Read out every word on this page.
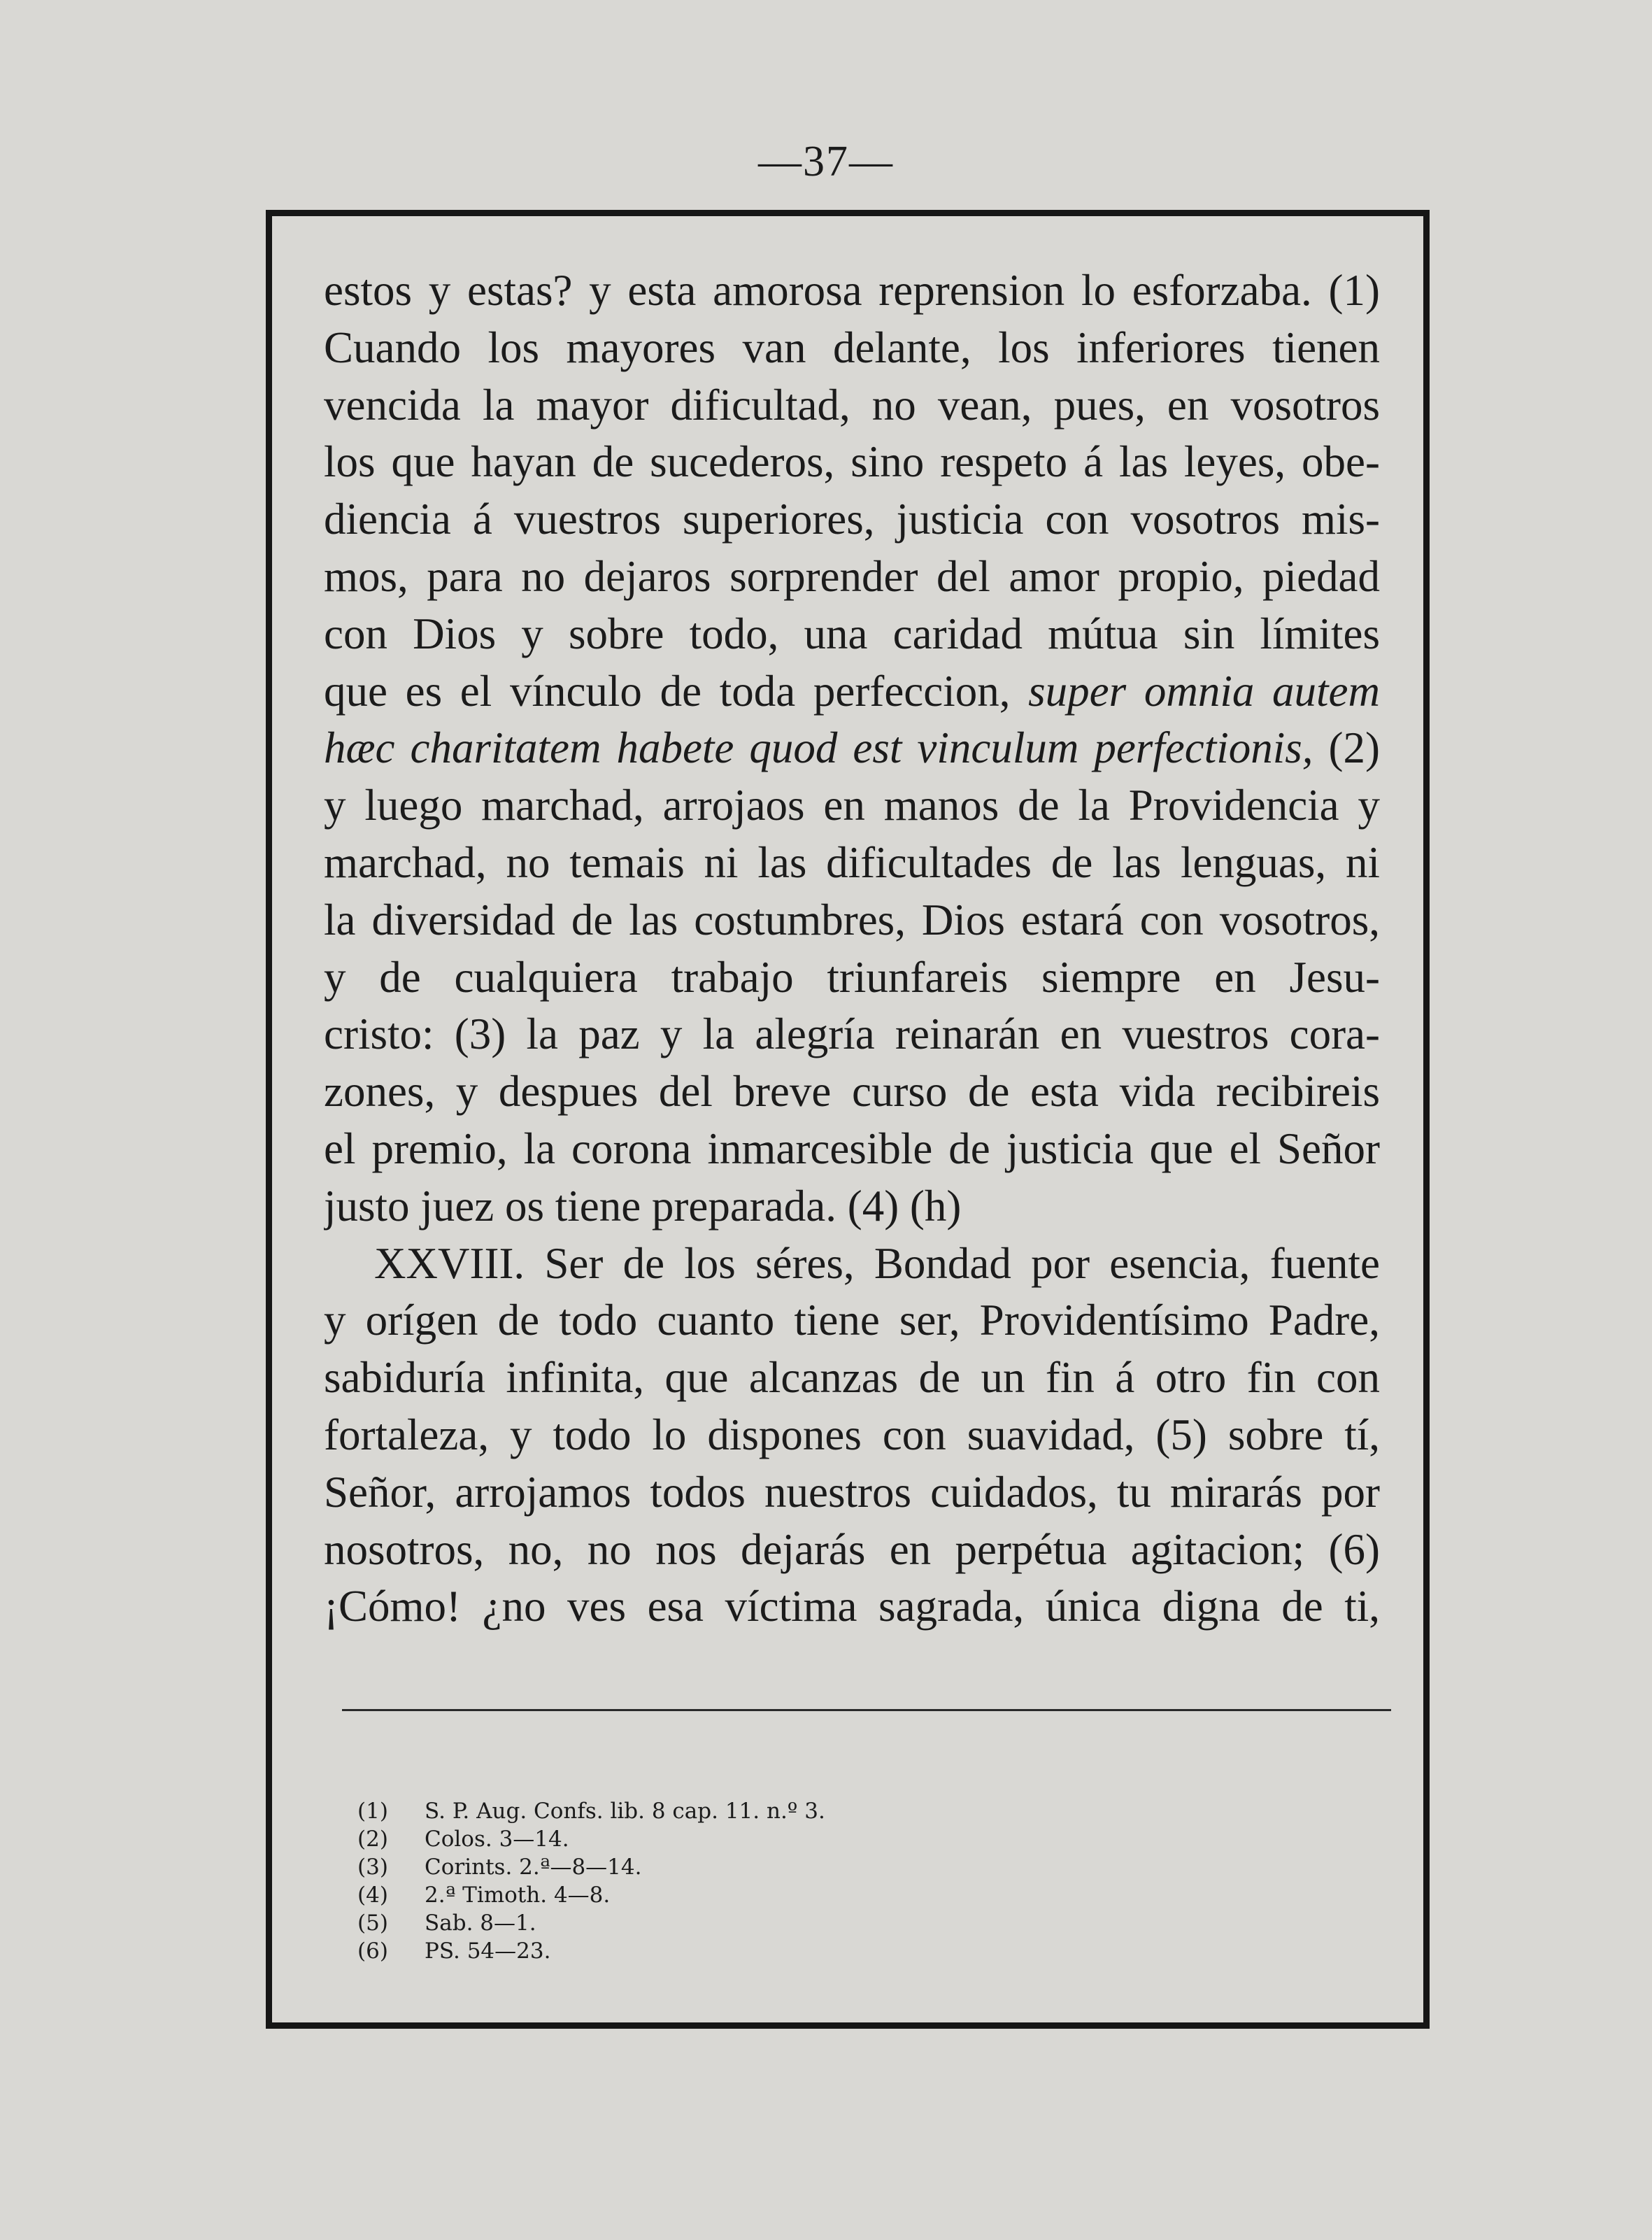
—37—
estos y estas? y esta amorosa reprension lo esforzaba. (1)
Cuando los mayores van delante, los inferiores tienen
vencida la mayor dificultad, no vean, pues, en vosotros
los que hayan de sucederos, sino respeto á las leyes, obe-
diencia á vuestros superiores, justicia con vosotros mis-
mos, para no dejaros sorprender del amor propio, piedad
con Dios y sobre todo, una caridad mútua sin límites
que es el vínculo de toda perfeccion, super omnia autem
hæc charitatem habete quod est vinculum perfectionis, (2)
y luego marchad, arrojaos en manos de la Providencia y
marchad, no temais ni las dificultades de las lenguas, ni
la diversidad de las costumbres, Dios estará con vosotros,
y de cualquiera trabajo triunfareis siempre en Jesu-
cristo: (3) la paz y la alegría reinarán en vuestros cora-
zones, y despues del breve curso de esta vida recibireis
el premio, la corona inmarcesible de justicia que el Señor
justo juez os tiene preparada. (4) (h)
XXVIII. Ser de los séres, Bondad por esencia, fuente
y orígen de todo cuanto tiene ser, Providentísimo Padre,
sabiduría infinita, que alcanzas de un fin á otro fin con
fortaleza, y todo lo dispones con suavidad, (5) sobre tí,
Señor, arrojamos todos nuestros cuidados, tu mirarás por
nosotros, no, no nos dejarás en perpétua agitacion; (6)
¡Cómo! ¿no ves esa víctima sagrada, única digna de ti,
(1)	S. P. Aug. Confs. lib. 8 cap. 11. n.º 3.
(2)	Colos. 3—14.
(3)	Corints. 2.ª—8—14.
(4)	2.ª Timoth. 4—8.
(5)	Sab. 8—1.
(6)	PS. 54—23.
